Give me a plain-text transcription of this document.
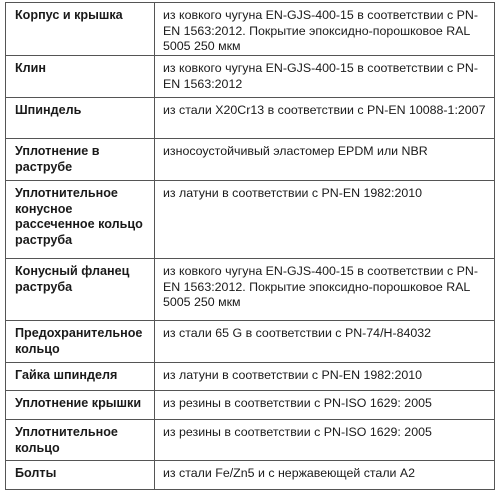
Корпус и крышка	из ковкого чугуна EN-GJS-400-15 в соответствии с PN-EN 1563:2012. Покрытие эпоксидно-порошковое RAL 5005 250 мкм
Клин	из ковкого чугуна EN-GJS-400-15 в соответствии с PN-EN 1563:2012
Шпиндель	из стали X20Cr13 в соответствии с PN-EN 10088-1:2007
Уплотнение в раструбе	износоустойчивый эластомер EPDM или NBR
Уплотнительное конусное рассеченное кольцо раструба	из латуни в соответствии с PN-EN 1982:2010
Конусный фланец раструба	из ковкого чугуна EN-GJS-400-15 в соответствии с PN-EN 1563:2012. Покрытие эпоксидно-порошковое RAL 5005 250 мкм
Предохранительное кольцо	из стали 65 G в соответствии с PN-74/H-84032
Гайка шпинделя	из латуни в соответствии с PN-EN 1982:2010
Уплотнение крышки	из резины в соответствии с PN-ISO 1629: 2005
Уплотнительное кольцо	из резины в соответствии с PN-ISO 1629: 2005
Болты	из стали Fe/Zn5 и с нержавеющей стали A2
